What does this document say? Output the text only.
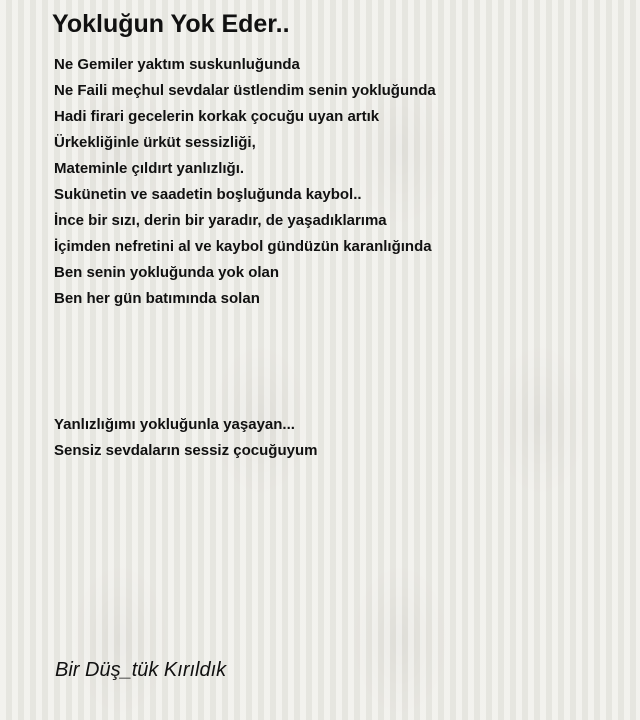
Yokluğun Yok Eder..
Ne Gemiler yaktım suskunluğunda
Ne Faili meçhul sevdalar üstlendim senin yokluğunda
Hadi firari gecelerin korkak çocuğu uyan artık
Ürkekliğinle ürküt sessizliği,
Mateminle çıldırt yanlızlığı.
Sukünetin ve saadetin boşluğunda kaybol..
İnce bir sızı, derin bir yaradır, de yaşadıklarıma
İçimden nefretini al ve kaybol gündüzün karanlığında
Ben senin yokluğunda yok olan
Ben her gün batımında solan
Yanlızlığımı yokluğunla yaşayan...
Sensiz sevdaların sessiz çocuğuyum
Bir Düş_tük Kırıldık
